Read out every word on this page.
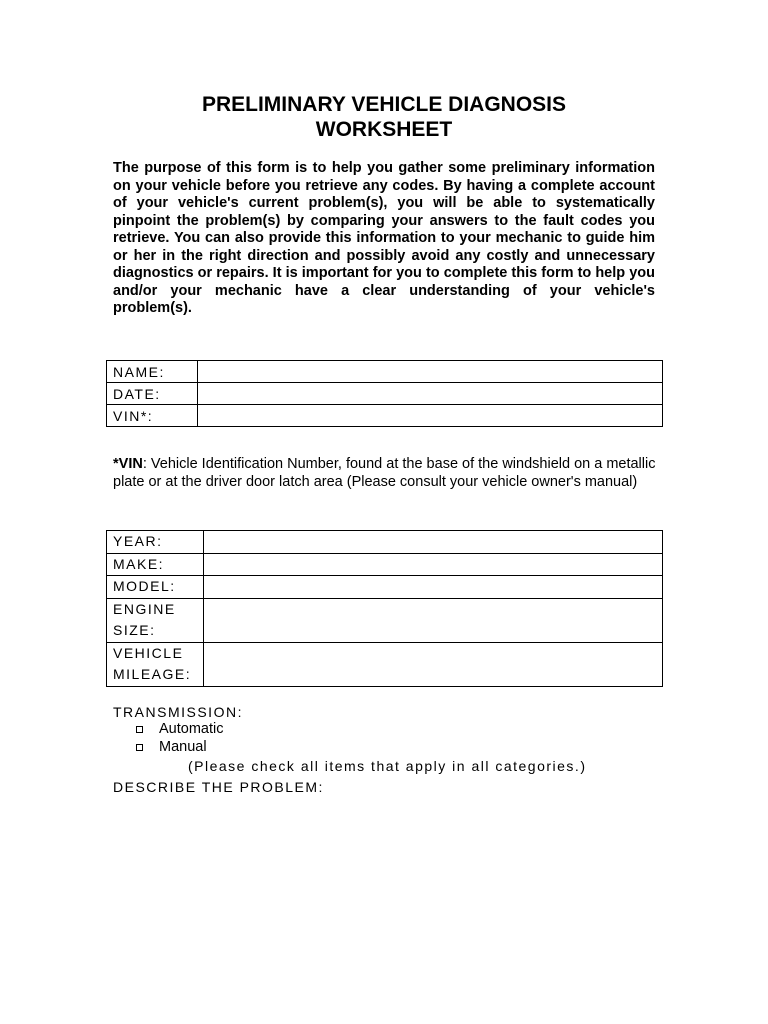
PRELIMINARY VEHICLE DIAGNOSIS
WORKSHEET
The purpose of this form is to help you gather some preliminary information on your vehicle before you retrieve any codes. By having a complete account of your vehicle's current problem(s), you will be able to systematically pinpoint the problem(s) by comparing your answers to the fault codes you retrieve. You can also provide this information to your mechanic to guide him or her in the right direction and possibly avoid any costly and unnecessary diagnostics or repairs. It is important for you to complete this form to help you and/or your mechanic have a clear understanding of your vehicle's problem(s).
NAME:	
DATE:	
VIN*:	
*VIN: Vehicle Identification Number, found at the base of the windshield on a metallic plate or at the driver door latch area (Please consult your vehicle owner's manual)
YEAR:	
MAKE:	
MODEL:	

ENGINE
SIZE:	

VEHICLE
MILEAGE:	

TRANSMISSION:
Automatic
Manual
(Please check all items that apply in all categories.)
DESCRIBE THE PROBLEM:
